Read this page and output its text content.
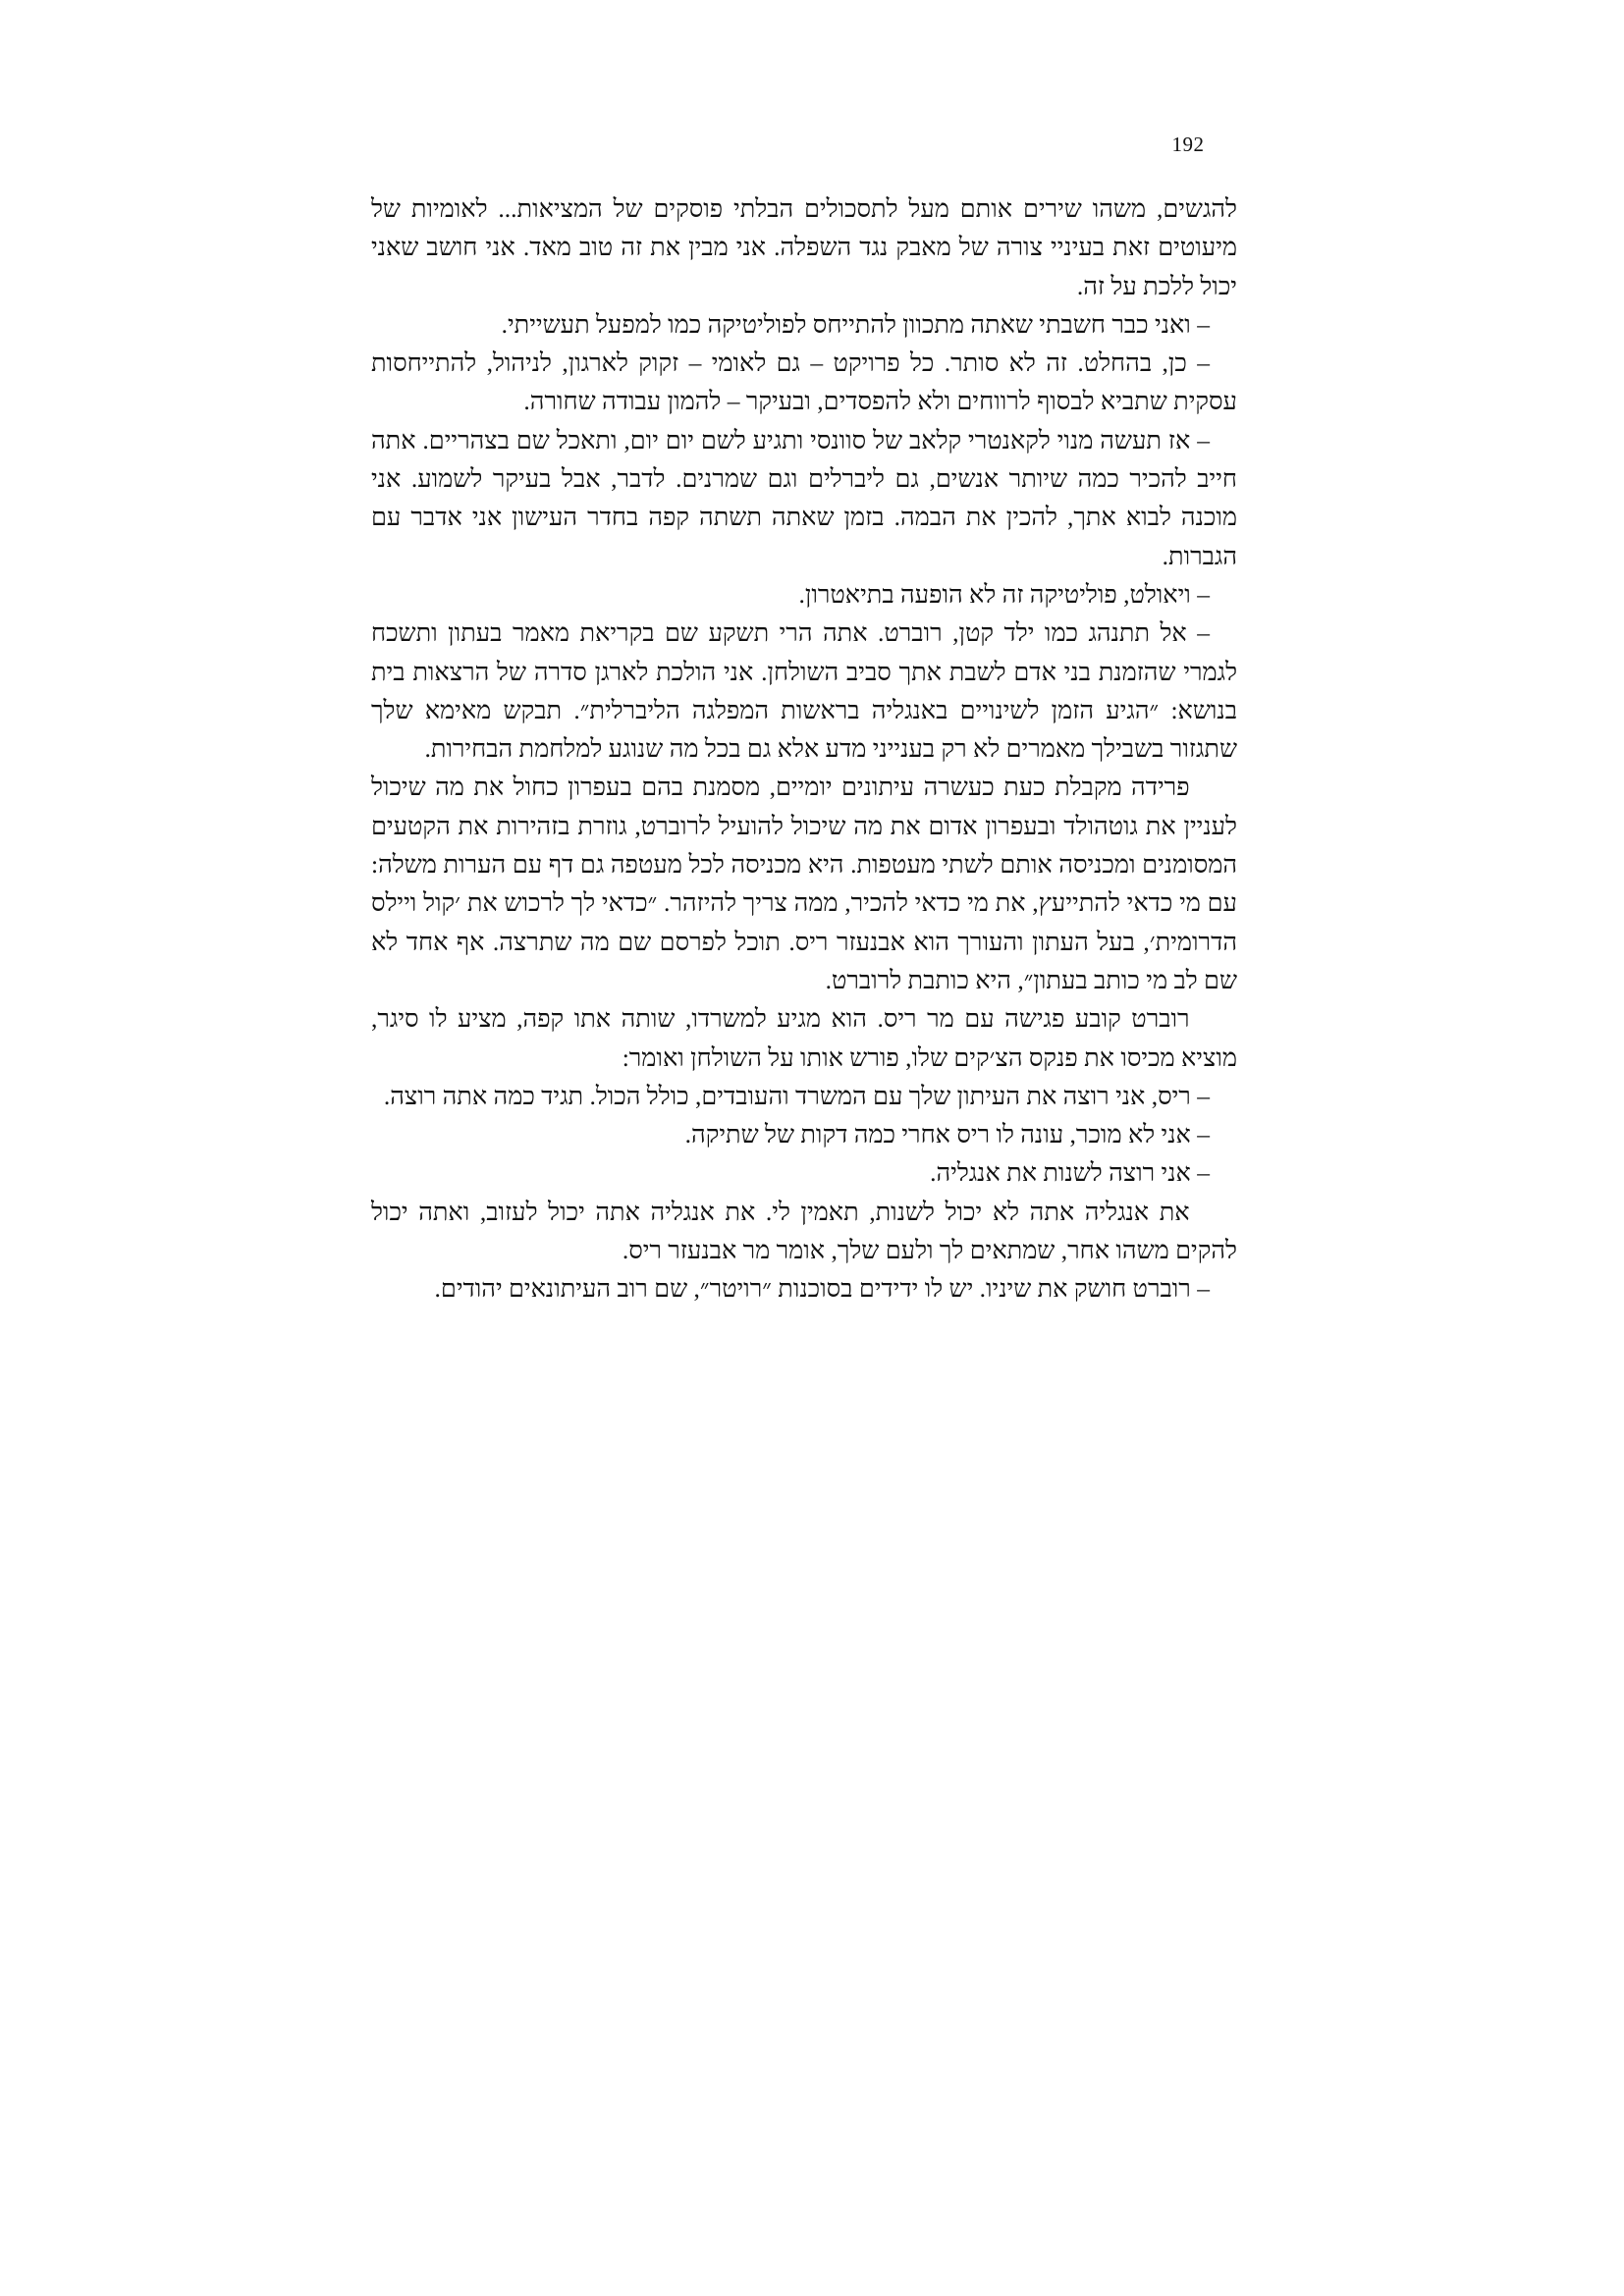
192

להגשים, משהו שירים אותם מעל לתסכולים הבלתי פוסקים של המציאות... לאומיות של מיעוטים זאת בעיניי צורה של מאבק נגד השפלה. אני מבין את זה טוב מאד. אני חושב שאני יכול ללכת על זה.

– ואני כבר חשבתי שאתה מתכוון להתייחס לפוליטיקה כמו למפעל תעשייתי.

– כן, בהחלט. זה לא סותר. כל פרויקט – גם לאומי – זקוק לארגון, לניהול, להתייחסות עסקית שתביא לבסוף לרווחים ולא להפסדים, ובעיקר – להמון עבודה שחורה.

– אז תעשה מנוי לקאנטרי קלאב של סוונסי ותגיע לשם יום יום, ותאכל שם בצהריים. אתה חייב להכיר כמה שיותר אנשים, גם ליברלים וגם שמרנים. לדבר, אבל בעיקר לשמוע. אני מוכנה לבוא אתך, להכין את הבמה. בזמן שאתה תשתה קפה בחדר העישון אני אדבר עם הגברות.

– ויאולט, פוליטיקה זה לא הופעה בתיאטרון.

– אל תתנהג כמו ילד קטן, רוברט. אתה הרי תשקע שם בקריאת מאמר בעתון ותשכח לגמרי שהזמנת בני אדם לשבת אתך סביב השולחן. אני הולכת לארגן סדרה של הרצאות בית בנושא: ״הגיע הזמן לשינויים באנגליה בראשות המפלגה הליברלית״. תבקש מאימא שלך שתגזור בשבילך מאמרים לא רק בענייני מדע אלא גם בכל מה שנוגע למלחמת הבחירות.

פרידה מקבלת כעת כעשרה עיתונים יומיים, מסמנת בהם בעפרון כחול את מה שיכול לעניין את גוטהולד ובעפרון אדום את מה שיכול להועיל לרוברט, גוזרת בזהירות את הקטעים המסומנים ומכניסה אותם לשתי מעטפות. היא מכניסה לכל מעטפה גם דף עם הערות משלה: עם מי כדאי להתייעץ, את מי כדאי להכיר, ממה צריך להיזהר. ״כדאי לך לרכוש את ׳קול ויילס הדרומית׳, בעל העתון והעורך הוא אבנעזר ריס. תוכל לפרסם שם מה שתרצה. אף אחד לא שם לב מי כותב בעתון״, היא כותבת לרוברט.

רוברט קובע פגישה עם מר ריס. הוא מגיע למשרדו, שותה אתו קפה, מציע לו סיגר, מוציא מכיסו את פנקס הצ׳קים שלו, פורש אותו על השולחן ואומר:

– ריס, אני רוצה את העיתון שלך עם המשרד והעובדים, כולל הכול. תגיד כמה אתה רוצה.

– אני לא מוכר, עונה לו ריס אחרי כמה דקות של שתיקה.

– אני רוצה לשנות את אנגליה.

את אנגליה אתה לא יכול לשנות, תאמין לי. את אנגליה אתה יכול לעזוב, ואתה יכול להקים משהו אחר, שמתאים לך ולעם שלך, אומר מר אבנעזר ריס.

– רוברט חושק את שיניו. יש לו ידידים בסוכנות ״רויטר״, שם רוב העיתונאים יהודים.
